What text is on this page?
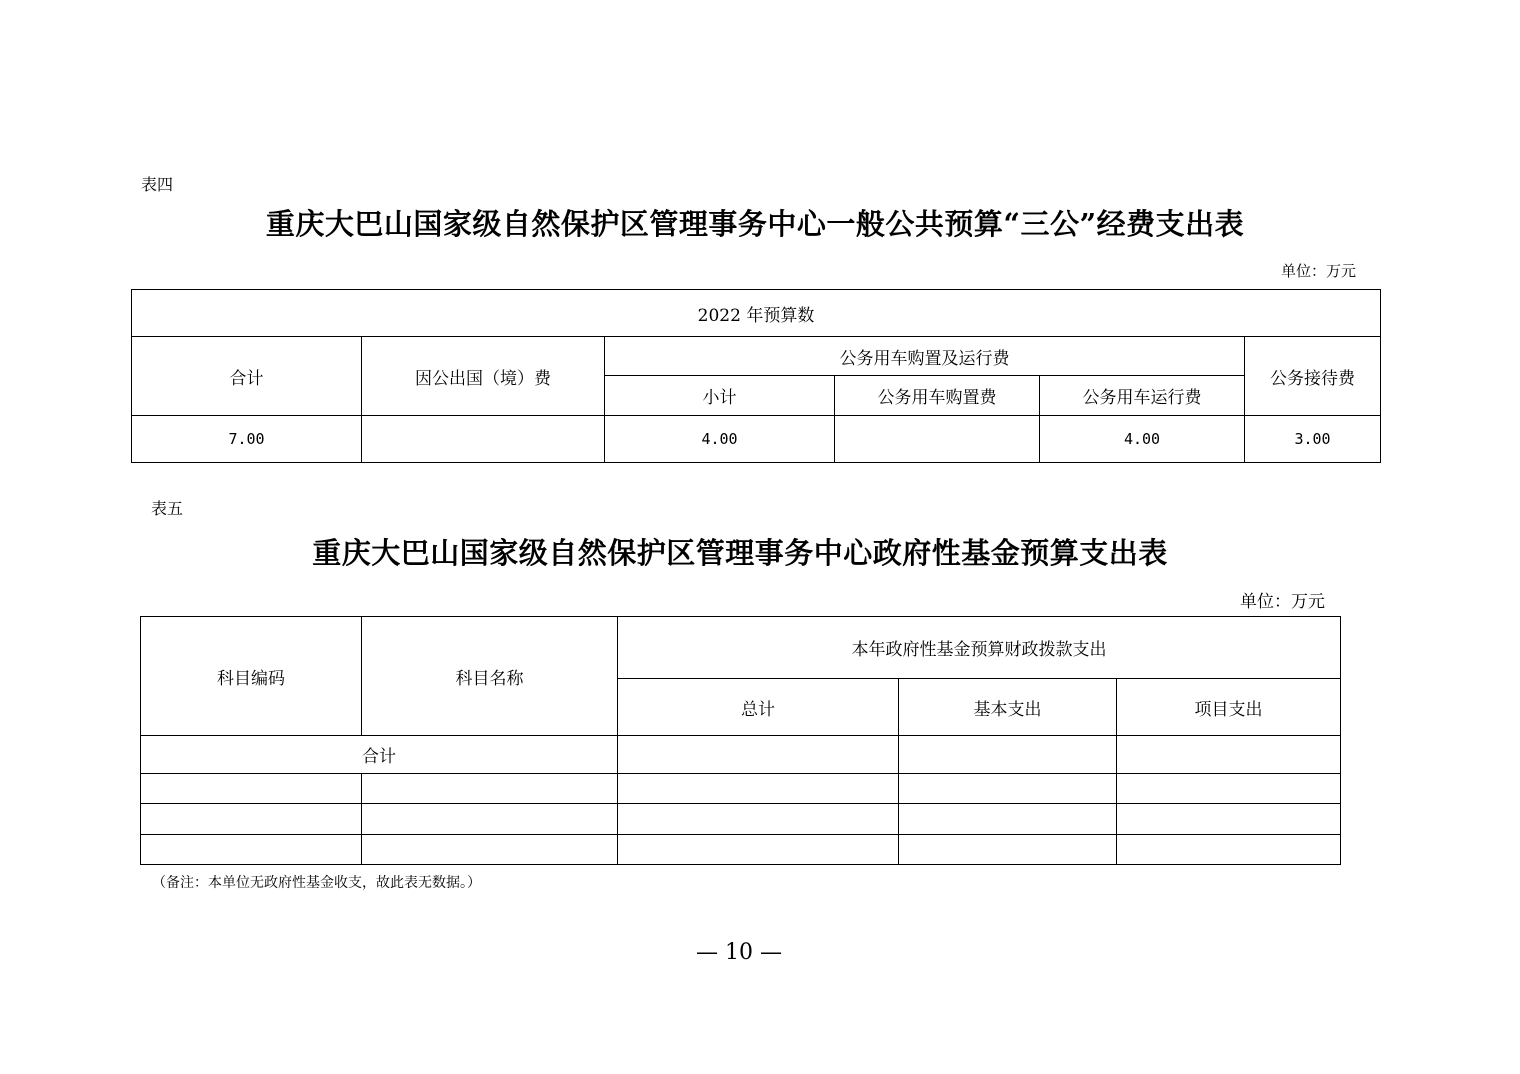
表四
重庆大巴山国家级自然保护区管理事务中心一般公共预算“三公”经费支出表
单位：万元
2022 年预算数					
合计	因公出国（境）费	公务用车购置及运行费			公务接待费
		小计	公务用车购置费	公务用车运行费	
7.00		4.00		4.00	3.00
表五
重庆大巴山国家级自然保护区管理事务中心政府性基金预算支出表
单位：万元
科目编码	科目名称	本年政府性基金预算财政拨款支出		
		总计	基本支出	项目支出
合计				

（备注：本单位无政府性基金收支，故此表无数据。）
— 10 —
